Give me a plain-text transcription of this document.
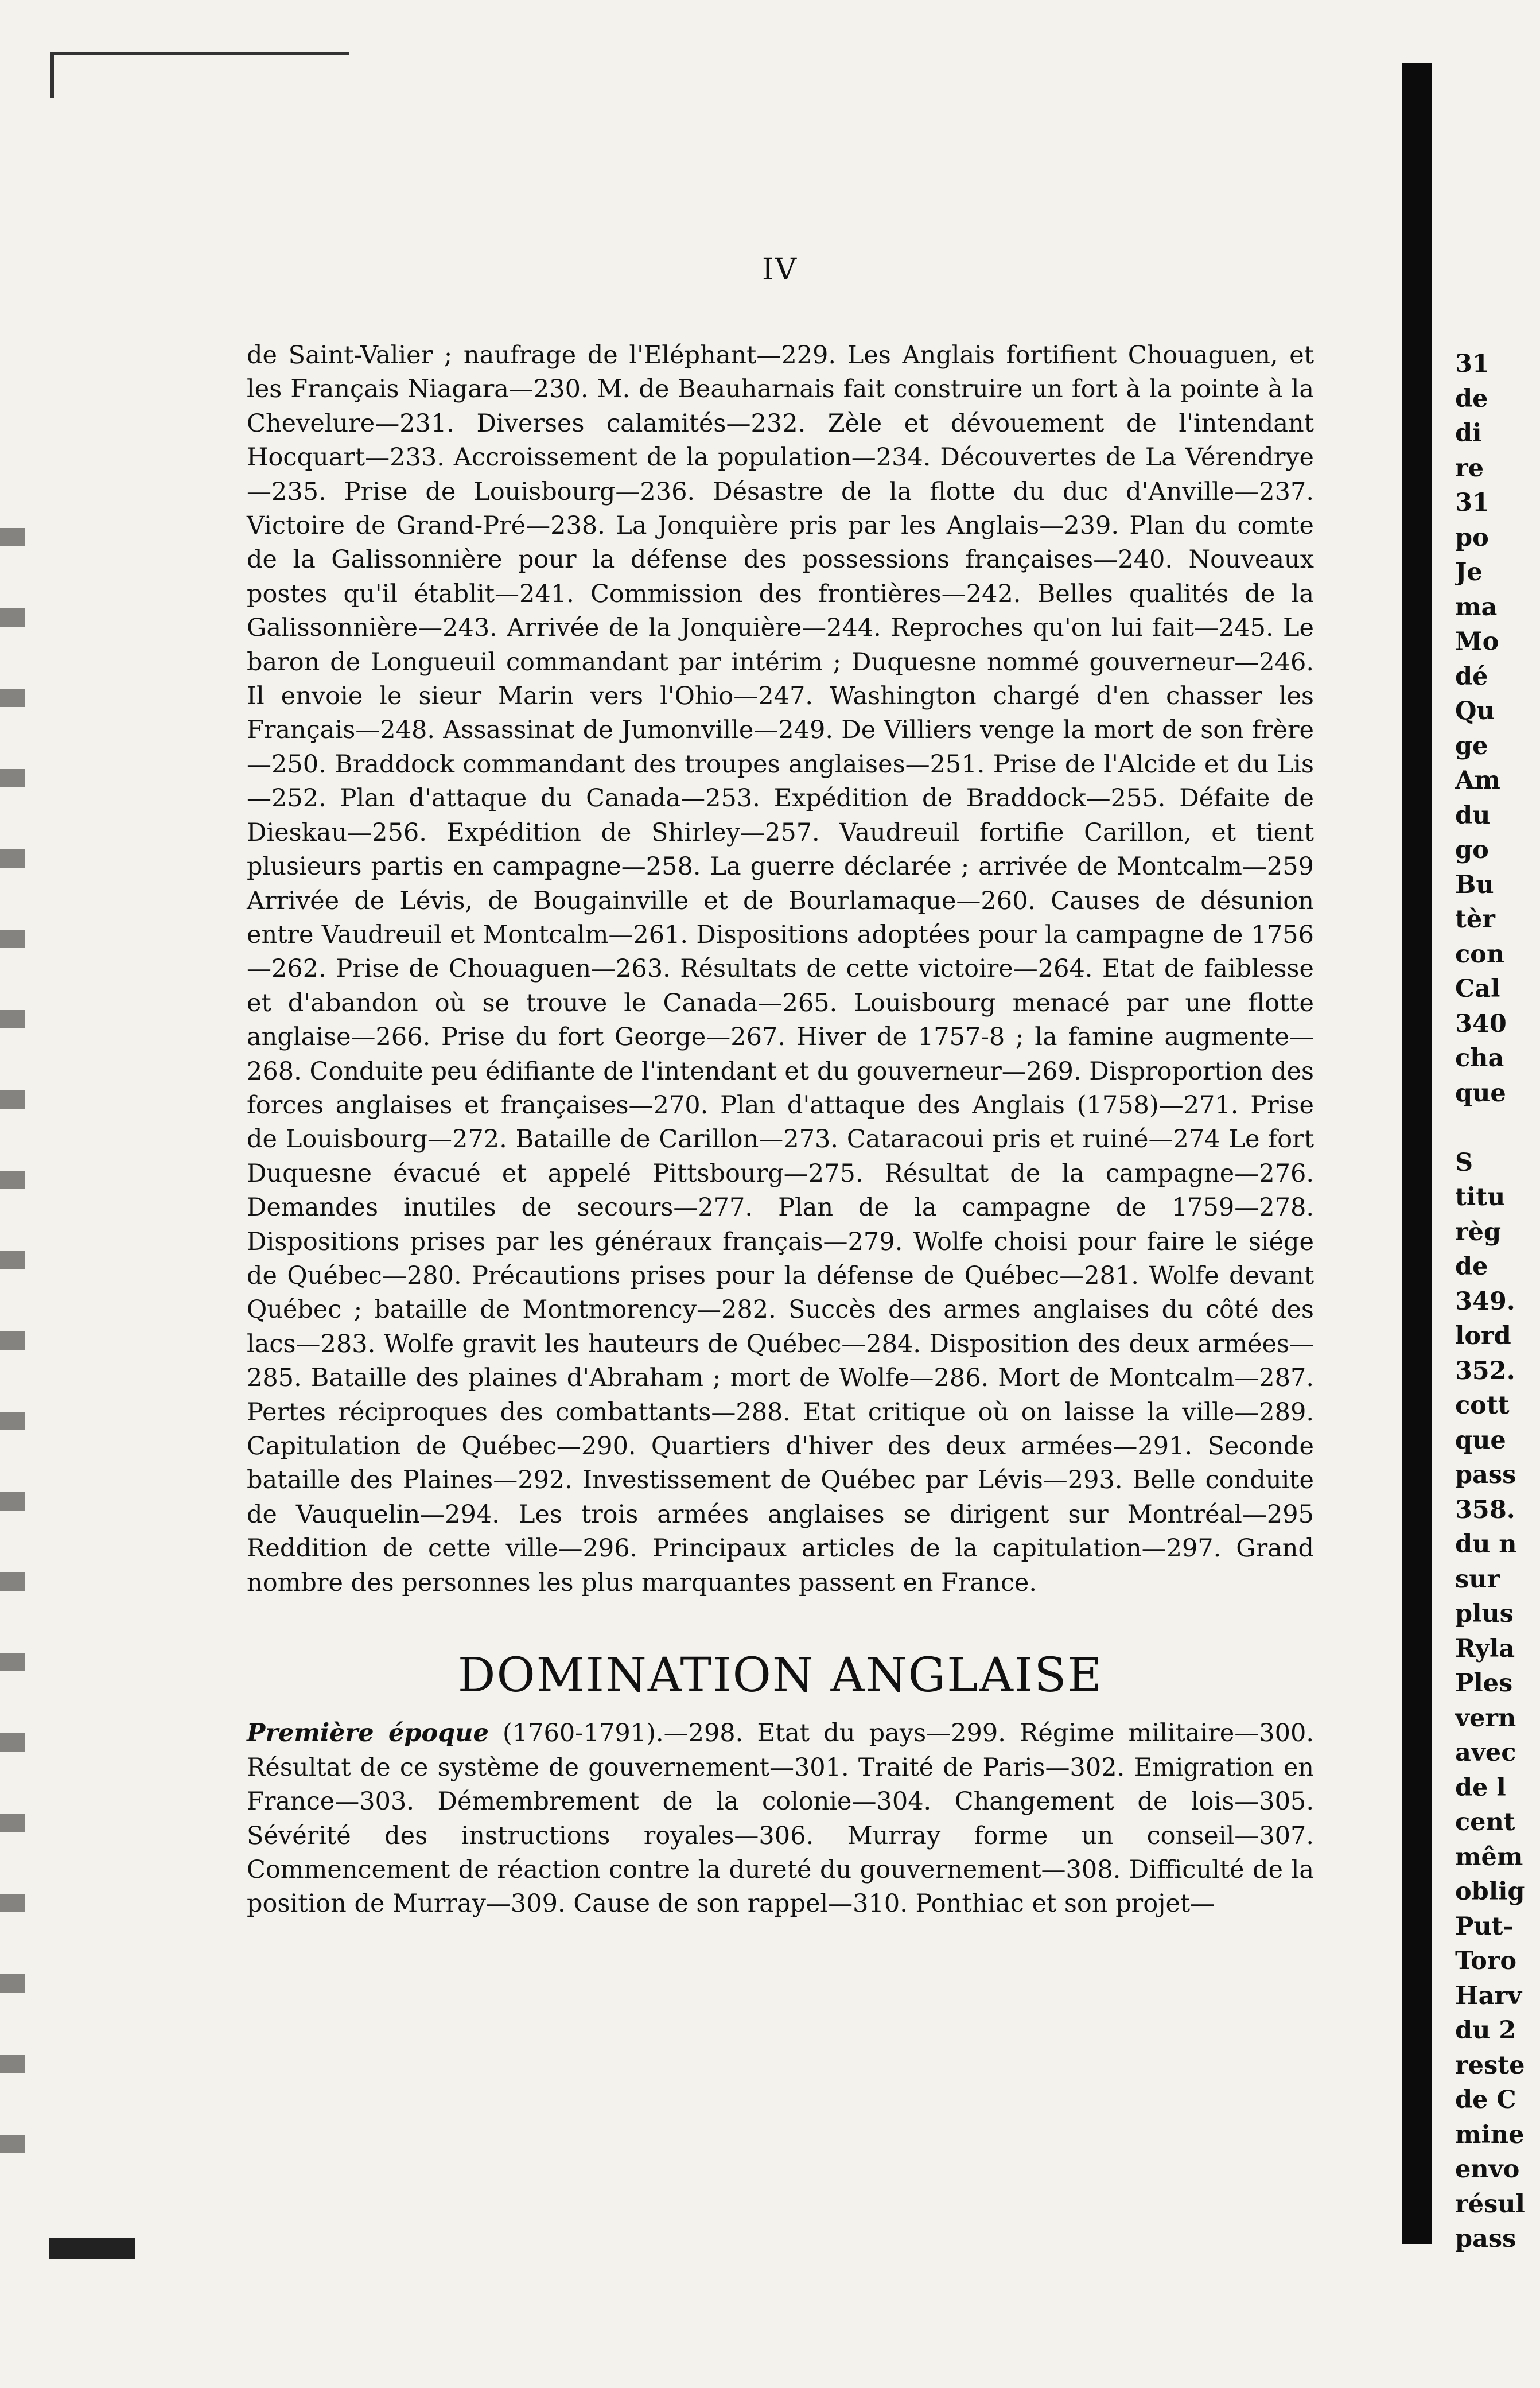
IV

de Saint-Valier ; naufrage de l'Eléphant—229. Les Anglais fortifient Chouaguen, et les Français Niagara—230. M. de Beauharnais fait construire un fort à la pointe à la Chevelure—231. Diverses calamités—232. Zèle et dévouement de l'intendant Hocquart—233. Accroissement de la population—234. Découvertes de La Vérendrye—235. Prise de Louisbourg—236. Désastre de la flotte du duc d'Anville—237. Victoire de Grand-Pré—238. La Jonquière pris par les Anglais—239. Plan du comte de la Galissonnière pour la défense des possessions françaises—240. Nouveaux postes qu'il établit—241. Commission des frontières—242. Belles qualités de la Galissonnière—243. Arrivée de la Jonquière—244. Reproches qu'on lui fait—245. Le baron de Longueuil commandant par intérim ; Duquesne nommé gouverneur—246. Il envoie le sieur Marin vers l'Ohio—247. Washington chargé d'en chasser les Français—248. Assassinat de Jumonville—249. De Villiers venge la mort de son frère—250. Braddock commandant des troupes anglaises—251. Prise de l'Alcide et du Lis—252. Plan d'attaque du Canada—253. Expédition de Braddock—255. Défaite de Dieskau—256. Expédition de Shirley—257. Vaudreuil fortifie Carillon, et tient plusieurs partis en campagne—258. La guerre déclarée ; arrivée de Montcalm—259 Arrivée de Lévis, de Bougainville et de Bourlamaque—260. Causes de désunion entre Vaudreuil et Montcalm—261. Dispositions adoptées pour la campagne de 1756—262. Prise de Chouaguen—263. Résultats de cette victoire—264. Etat de faiblesse et d'abandon où se trouve le Canada—265. Louisbourg menacé par une flotte anglaise—266. Prise du fort George—267. Hiver de 1757-8 ; la famine augmente—268. Conduite peu édifiante de l'intendant et du gouverneur—269. Disproportion des forces anglaises et françaises—270. Plan d'attaque des Anglais (1758)—271. Prise de Louisbourg—272. Bataille de Carillon—273. Cataracoui pris et ruiné—274 Le fort Duquesne évacué et appelé Pittsbourg—275. Résultat de la campagne—276. Demandes inutiles de secours—277. Plan de la campagne de 1759—278. Dispositions prises par les généraux français—279. Wolfe choisi pour faire le siége de Québec—280. Précautions prises pour la défense de Québec—281. Wolfe devant Québec ; bataille de Montmorency—282. Succès des armes anglaises du côté des lacs—283. Wolfe gravit les hauteurs de Québec—284. Disposition des deux armées—285. Bataille des plaines d'Abraham ; mort de Wolfe—286. Mort de Montcalm—287. Pertes réciproques des combattants—288. Etat critique où on laisse la ville—289. Capitulation de Québec—290. Quartiers d'hiver des deux armées—291. Seconde bataille des Plaines—292. Investissement de Québec par Lévis—293. Belle conduite de Vauquelin—294. Les trois armées anglaises se dirigent sur Montréal—295 Reddition de cette ville—296. Principaux articles de la capitulation—297. Grand nombre des personnes les plus marquantes passent en France.

DOMINATION ANGLAISE

Première époque (1760-1791).—298. Etat du pays—299. Régime militaire—300. Résultat de ce système de gouvernement—301. Traité de Paris—302. Emigration en France—303. Démembrement de la colonie—304. Changement de lois—305. Sévérité des instructions royales—306. Murray forme un conseil—307. Commencement de réaction contre la dureté du gouvernement—308. Difficulté de la position de Murray—309. Cause de son rappel—310. Ponthiac et son projet—

31
de
di
re
31
po
Je
ma
Mo
dé
Qu
ge
Am
du
go
Bu
tèr
con
Cal
340
cha
que
S
titu
règ
de
349.
lord
352.
cott
que
pass
358.
du n
sur
plus
Ryla
Ples
vern
avec
de l
cent
mêm
oblig
Put-
Toro
Harv
du 2
reste
de C
mine
envo
résul
pass
